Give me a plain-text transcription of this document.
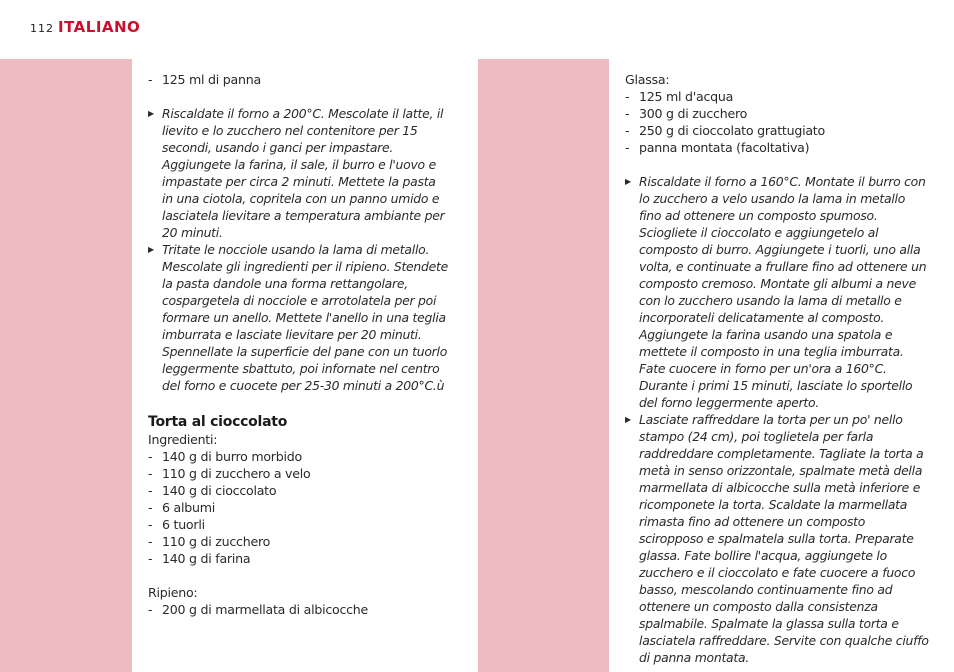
112 ITALIANO
- 125 ml di panna
▶ Riscaldate il forno a 200°C. Mescolate il latte, il lievito e lo zucchero nel contenitore per 15 secondi, usando i ganci per impastare. Aggiungete la farina, il sale, il burro e l'uovo e impastate per circa 2 minuti. Mettete la pasta in una ciotola, copritela con un panno umido e lasciatela lievitare a temperatura ambiante per 20 minuti.
▶ Tritate le nocciole usando la lama di metallo. Mescolate gli ingredienti per il ripieno. Stendete la pasta dandole una forma rettangolare, cospargetela di nocciole e arrotolatela per poi formare un anello. Mettete l'anello in una teglia imburrata e lasciate lievitare per 20 minuti. Spennellate la superficie del pane con un tuorlo leggermente sbattuto, poi infornate nel centro del forno e cuocete per 25-30 minuti a 200°C.ù
Torta al cioccolato
Ingredienti:
- 140 g di burro morbido
- 110 g di zucchero a velo
- 140 g di cioccolato
- 6 albumi
- 6 tuorli
- 110 g di zucchero
- 140 g di farina
Ripieno:
- 200 g di marmellata di albicocche
Glassa:
- 125 ml d'acqua
- 300 g di zucchero
- 250 g di cioccolato grattugiato
- panna montata (facoltativa)
▶ Riscaldate il forno a 160°C. Montate il burro con lo zucchero a velo usando la lama in metallo fino ad ottenere un composto spumoso. Sciogliete il cioccolato e aggiungetelo al composto di burro. Aggiungete i tuorli, uno alla volta, e continuate a frullare fino ad ottenere un composto cremoso. Montate gli albumi a neve con lo zucchero usando la lama di metallo e incorporateli delicatamente al composto. Aggiungete la farina usando una spatola e mettete il composto in una teglia imburrata. Fate cuocere in forno per un'ora a 160°C. Durante i primi 15 minuti, lasciate lo sportello del forno leggermente aperto.
▶ Lasciate raffreddare la torta per un po' nello stampo (24 cm), poi toglietela per farla raddreddare completamente. Tagliate la torta a metà in senso orizzontale, spalmate metà della marmellata di albicocche sulla metà inferiore e ricomponete la torta. Scaldate la marmellata rimasta fino ad ottenere un composto sciropposo e spalmatela sulla torta. Preparate glassa. Fate bollire l'acqua, aggiungete lo zucchero e il cioccolato e fate cuocere a fuoco basso, mescolando continuamente fino ad ottenere un composto dalla consistenza spalmabile. Spalmate la glassa sulla torta e lasciatela raffreddare. Servite con qualche ciuffo di panna montata.
